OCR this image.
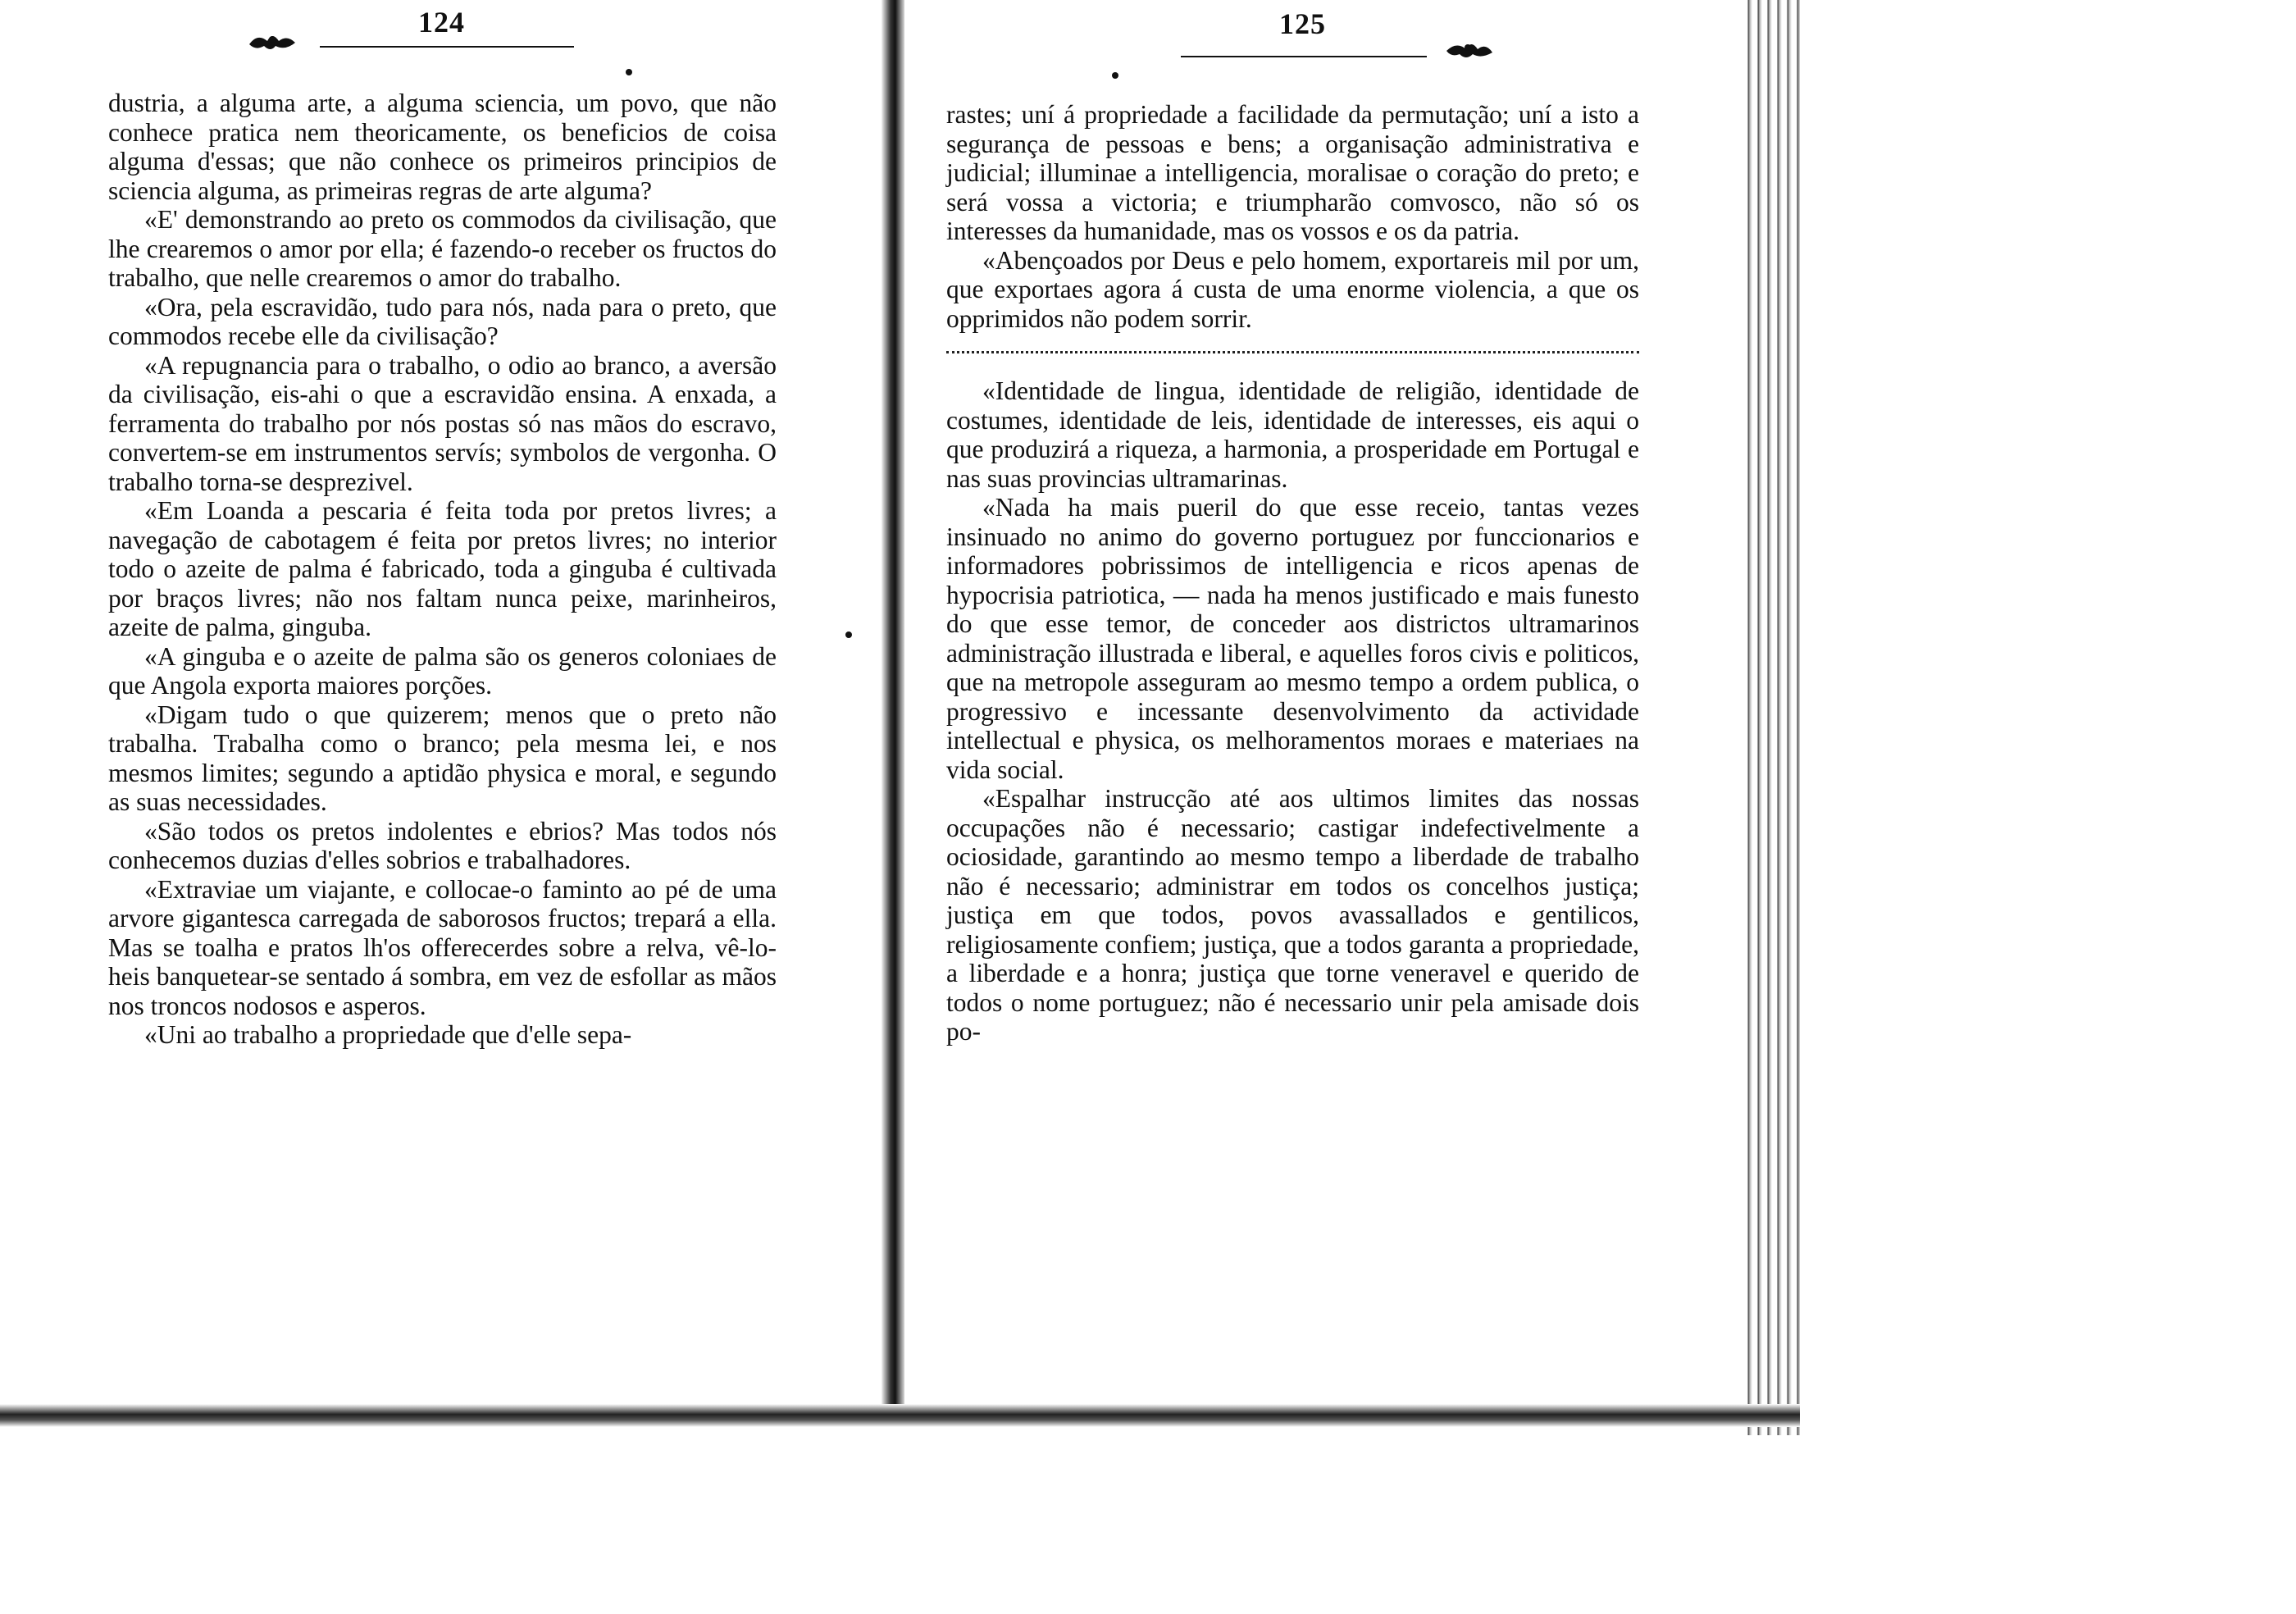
124

dustria, a alguma arte, a alguma sciencia, um povo, que não conhece pratica nem theoricamente, os beneficios de coisa alguma d'essas; que não conhece os primeiros principios de sciencia alguma, as primeiras regras de arte alguma?

«E' demonstrando ao preto os commodos da civilisação, que lhe crearemos o amor por ella; é fazendo-o receber os fructos do trabalho, que nelle crearemos o amor do trabalho.

«Ora, pela escravidão, tudo para nós, nada para o preto, que commodos recebe elle da civilisação?

«A repugnancia para o trabalho, o odio ao branco, a aversão da civilisação, eis-ahi o que a escravidão ensina. A enxada, a ferramenta do trabalho por nós postas só nas mãos do escravo, convertem-se em instrumentos servís; symbolos de vergonha. O trabalho torna-se desprezivel.

«Em Loanda a pescaria é feita toda por pretos livres; a navegação de cabotagem é feita por pretos livres; no interior todo o azeite de palma é fabricado, toda a ginguba é cultivada por braços livres; não nos faltam nunca peixe, marinheiros, azeite de palma, ginguba.

«A ginguba e o azeite de palma são os generos coloniaes de que Angola exporta maiores porções.

«Digam tudo o que quizerem; menos que o preto não trabalha. Trabalha como o branco; pela mesma lei, e nos mesmos limites; segundo a aptidão physica e moral, e segundo as suas necessidades.

«São todos os pretos indolentes e ebrios? Mas todos nós conhecemos duzias d'elles sobrios e trabalhadores.

«Extraviae um viajante, e collocae-o faminto ao pé de uma arvore gigantesca carregada de saborosos fructos; trepará a ella. Mas se toalha e pratos lh'os offerecerdes sobre a relva, vê-lo-heis banquetear-se sentado á sombra, em vez de esfollar as mãos nos troncos nodosos e asperos.

«Uni ao trabalho a propriedade que d'elle sepa-

125

rastes; uní á propriedade a facilidade da permutação; uní a isto a segurança de pessoas e bens; a organisação administrativa e judicial; illuminae a intelligencia, moralisae o coração do preto; e será vossa a victoria; e triumpharão comvosco, não só os interesses da humanidade, mas os vossos e os da patria.

«Abençoados por Deus e pelo homem, exportareis mil por um, que exportaes agora á custa de uma enorme violencia, a que os opprimidos não podem sorrir.

«Identidade de lingua, identidade de religião, identidade de costumes, identidade de leis, identidade de interesses, eis aqui o que produzirá a riqueza, a harmonia, a prosperidade em Portugal e nas suas provincias ultramarinas.

«Nada ha mais pueril do que esse receio, tantas vezes insinuado no animo do governo portuguez por funccionarios e informadores pobrissimos de intelligencia e ricos apenas de hypocrisia patriotica, — nada ha menos justificado e mais funesto do que esse temor, de conceder aos districtos ultramarinos administração illustrada e liberal, e aquelles foros civis e politicos, que na metropole asseguram ao mesmo tempo a ordem publica, o progressivo e incessante desenvolvimento da actividade intellectual e physica, os melhoramentos moraes e materiaes na vida social.

«Espalhar instrucção até aos ultimos limites das nossas occupações não é necessario; castigar indefectivelmente a ociosidade, garantindo ao mesmo tempo a liberdade de trabalho não é necessario; administrar em todos os concelhos justiça; justiça em que todos, povos avassallados e gentilicos, religiosamente confiem; justiça, que a todos garanta a propriedade, a liberdade e a honra; justiça que torne veneravel e querido de todos o nome portuguez; não é necessario unir pela amisade dois po-
